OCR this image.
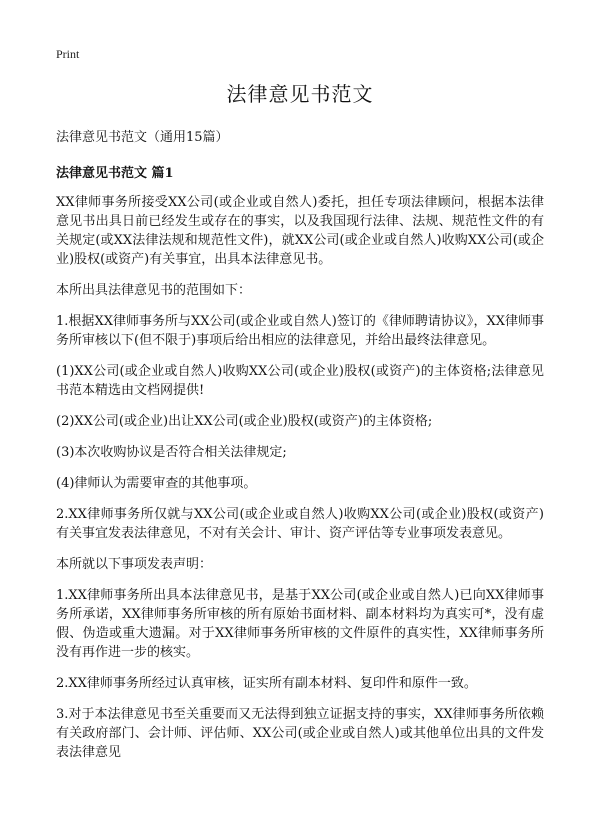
Print
法律意见书范文
法律意见书范文（通用15篇）
法律意见书范文 篇1

XX律师事务所接受XX公司(或企业或自然人)委托，担任专项法律顾问，根据本法律意见书出具日前已经发生或存在的事实，以及我国现行法律、法规、规范性文件的有关规定(或XX法律法规和规范性文件)，就XX公司(或企业或自然人)收购XX公司(或企业)股权(或资产)有关事宜，出具本法律意见书。

本所出具法律意见书的范围如下：

1.根据XX律师事务所与XX公司(或企业或自然人)签订的《律师聘请协议》，XX律师事务所审核以下(但不限于)事项后给出相应的法律意见，并给出最终法律意见。

(1)XX公司(或企业或自然人)收购XX公司(或企业)股权(或资产)的主体资格;法律意见书范本精选由文档网提供!

(2)XX公司(或企业)出让XX公司(或企业)股权(或资产)的主体资格;

(3)本次收购协议是否符合相关法律规定;

(4)律师认为需要审查的其他事项。

2.XX律师事务所仅就与XX公司(或企业或自然人)收购XX公司(或企业)股权(或资产)有关事宜发表法律意见，不对有关会计、审计、资产评估等专业事项发表意见。

本所就以下事项发表声明：

1.XX律师事务所出具本法律意见书，是基于XX公司(或企业或自然人)已向XX律师事务所承诺，XX律师事务所审核的所有原始书面材料、副本材料均为真实可*，没有虚假、伪造或重大遗漏。对于XX律师事务所审核的文件原件的真实性，XX律师事务所没有再作进一步的核实。

2.XX律师事务所经过认真审核，证实所有副本材料、复印件和原件一致。

3.对于本法律意见书至关重要而又无法得到独立证据支持的事实，XX律师事务所依赖有关政府部门、会计师、评估师、XX公司(或企业或自然人)或其他单位出具的文件发表法律意见
